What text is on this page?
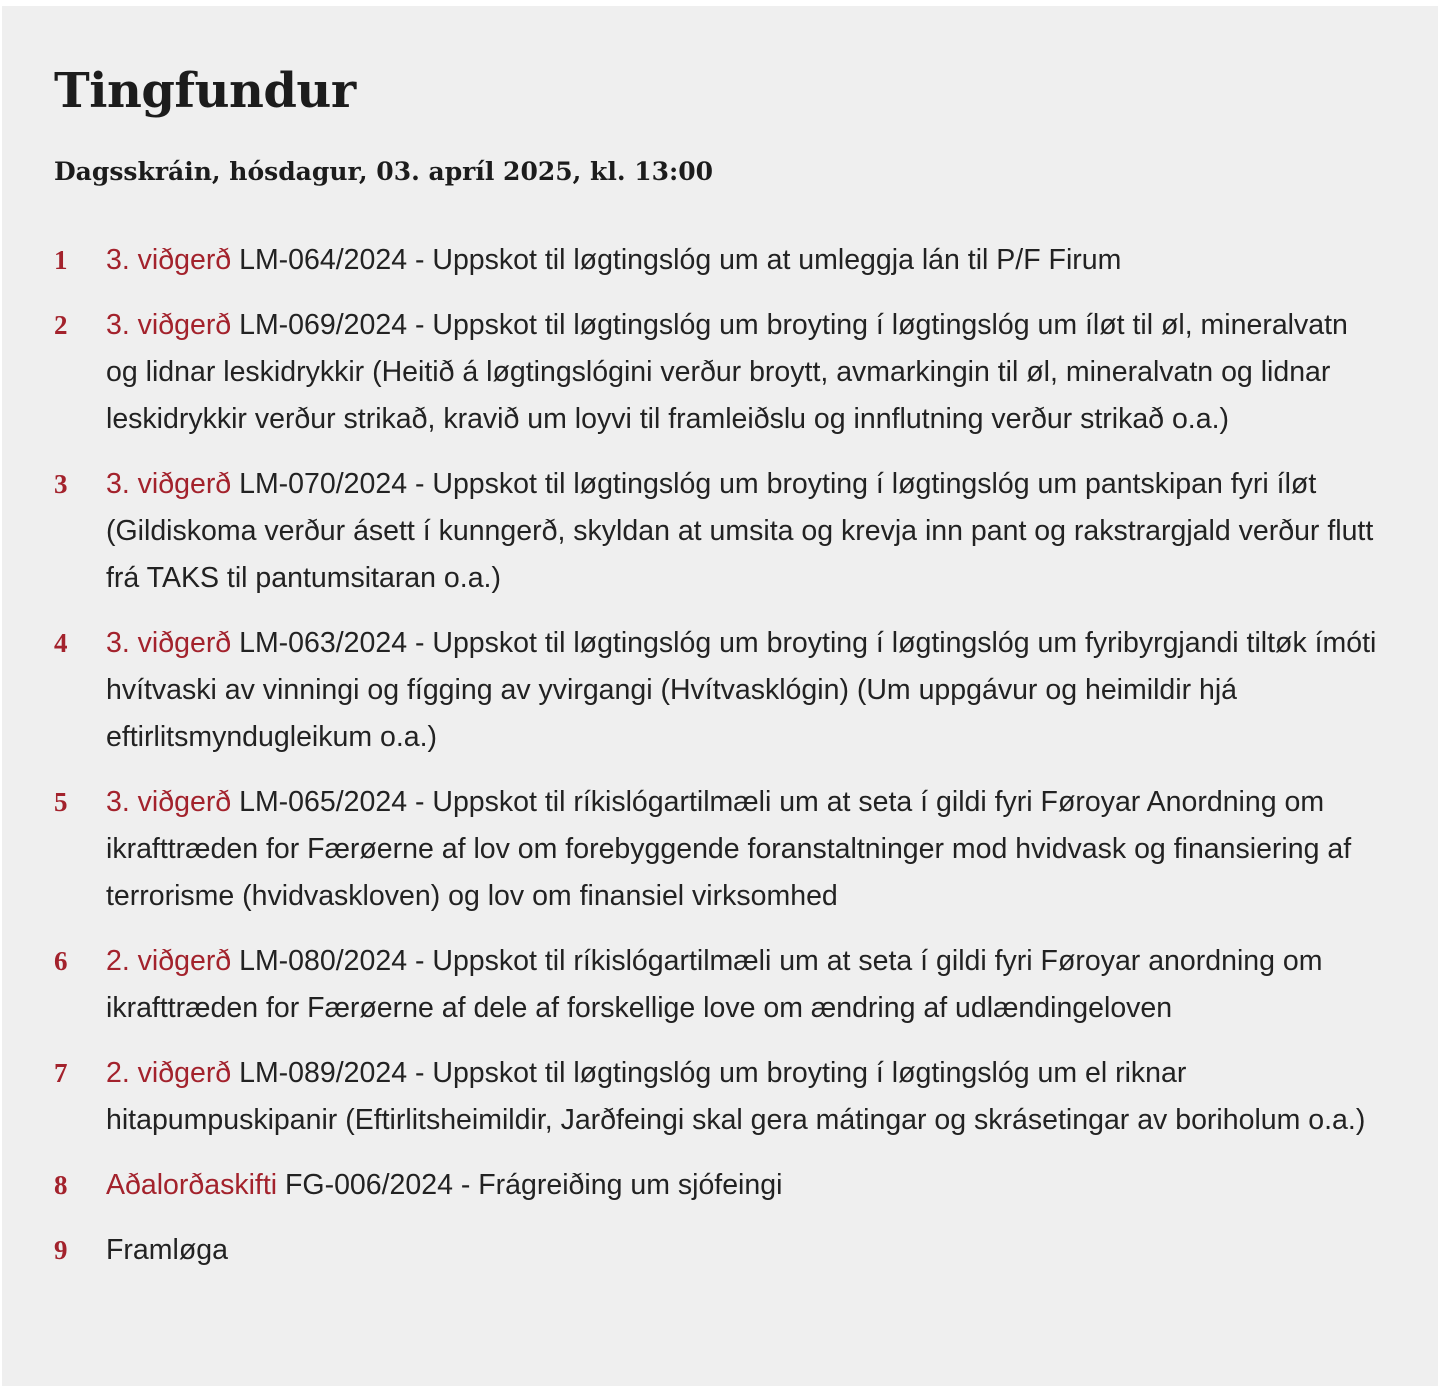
Tingfundur
Dagsskráin, hósdagur, 03. apríl 2025, kl. 13:00
1	3. viðgerð LM-064/2024 - Uppskot til løgtingslóg um at umleggja lán til P/F Firum
2	3. viðgerð LM-069/2024 - Uppskot til løgtingslóg um broyting í løgtingslóg um íløt til øl, mineralvatn og lidnar leskidrykkir (Heitið á løgtingslógini verður broytt, avmarkingin til øl, mineralvatn og lidnar leskidrykkir verður strikað, kravið um loyvi til framleiðslu og innflutning verður strikað o.a.)
3	3. viðgerð LM-070/2024 - Uppskot til løgtingslóg um broyting í løgtingslóg um pantskipan fyri íløt (Gildiskoma verður ásett í kunngerð, skyldan at umsita og krevja inn pant og rakstrargjald verður flutt frá TAKS til pantumsitaran o.a.)
4	3. viðgerð LM-063/2024 - Uppskot til løgtingslóg um broyting í løgtingslóg um fyribyrgjandi tiltøk ímóti hvítvaski av vinningi og fígging av yvirgangi (Hvítvasklógin) (Um uppgávur og heimildir hjá eftirlitsmyndugleikum o.a.)
5	3. viðgerð LM-065/2024 - Uppskot til ríkislógartilmæli um at seta í gildi fyri Føroyar Anordning om ikrafttræden for Færøerne af lov om forebyggende foranstaltninger mod hvidvask og finansiering af terrorisme (hvidvaskloven) og lov om finansiel virksomhed
6	2. viðgerð LM-080/2024 - Uppskot til ríkislógartilmæli um at seta í gildi fyri Føroyar anordning om ikrafttræden for Færøerne af dele af forskellige love om ændring af udlændingeloven
7	2. viðgerð LM-089/2024 - Uppskot til løgtingslóg um broyting í løgtingslóg um el riknar hitapumpuskipanir (Eftirlitsheimildir, Jarðfeingi skal gera mátingar og skrásetingar av boriholum o.a.)
8	Aðalorðaskifti FG-006/2024 - Frágreiðing um sjófeingi
9	Framløga
